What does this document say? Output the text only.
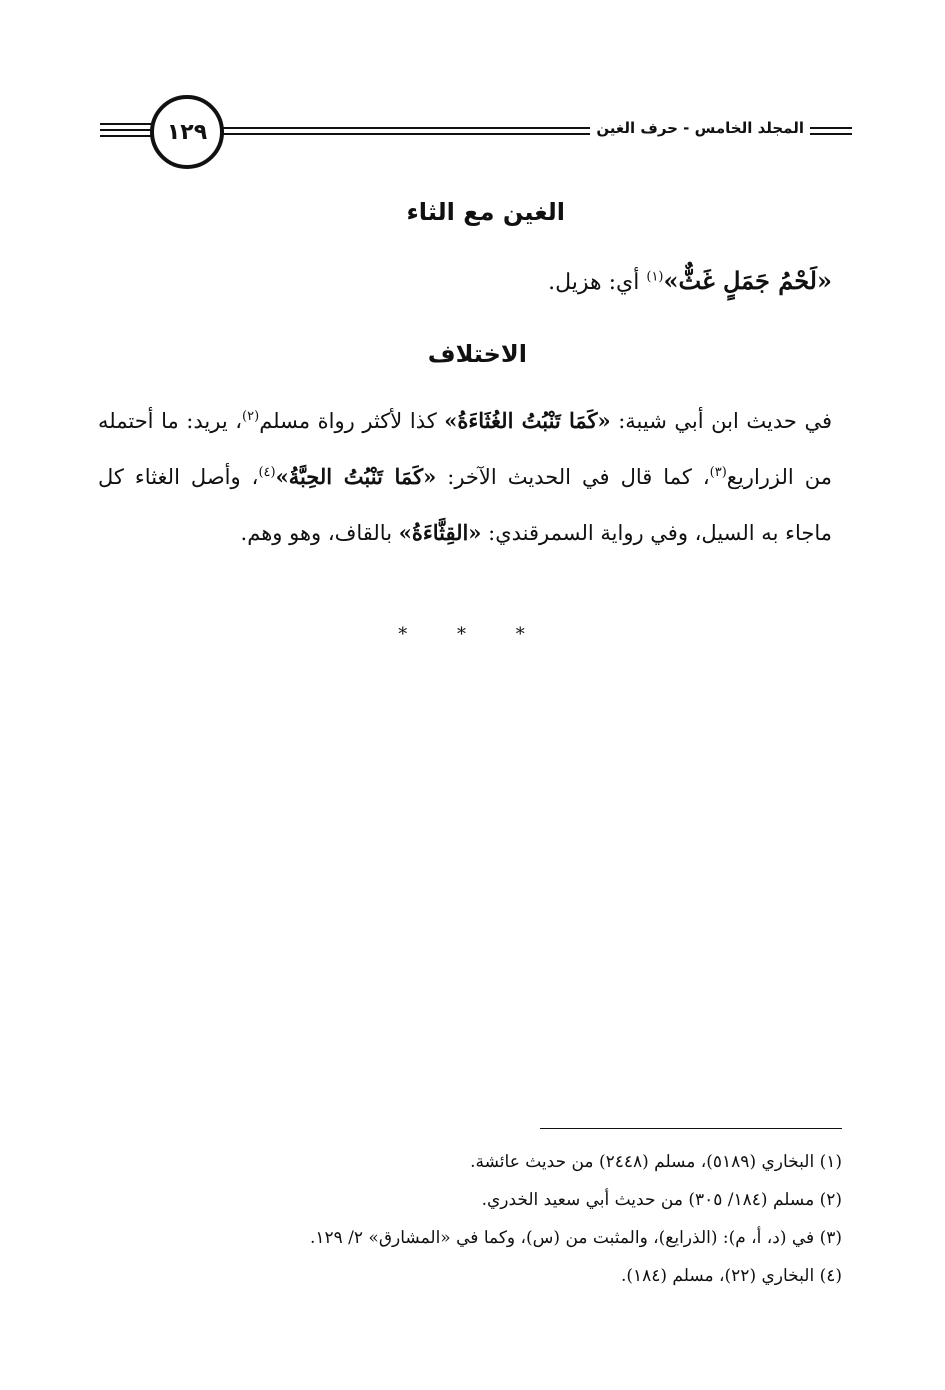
١٢٩	المجلد الخامس - حرف الغين
الغين مع الثاء
«لَحْمُ جَمَلٍ غَثٌّ»$^{(١)}$ أي: هزيل.
الاختلاف
في حديث ابن أبي شيبة: «كَمَا تَنْبُتُ الغُثَاءَةُ» كذا لأكثر رواة مسلم$^{(٢)}$، يريد: ما أحتمله من الزراريع$^{(٣)}$، كما قال في الحديث الآخر: «كَمَا تَنْبُتُ الحِبَّةُ»$^{(٤)}$، وأصل الغثاء كل ماجاء به السيل، وفي رواية السمرقندي: «القِثَّاءَةُ» بالقاف، وهو وهم.
* * *
(١) البخاري (٥١٨٩)، مسلم (٢٤٤٨) من حديث عائشة.
(٢) مسلم (١٨٤/ ٣٠٥) من حديث أبي سعيد الخدري.
(٣) في (د، أ، م): (الذرايع)، والمثبت من (س)، وكما في «المشارق» ٢/ ١٢٩.
(٤) البخاري (٢٢)، مسلم (١٨٤).
